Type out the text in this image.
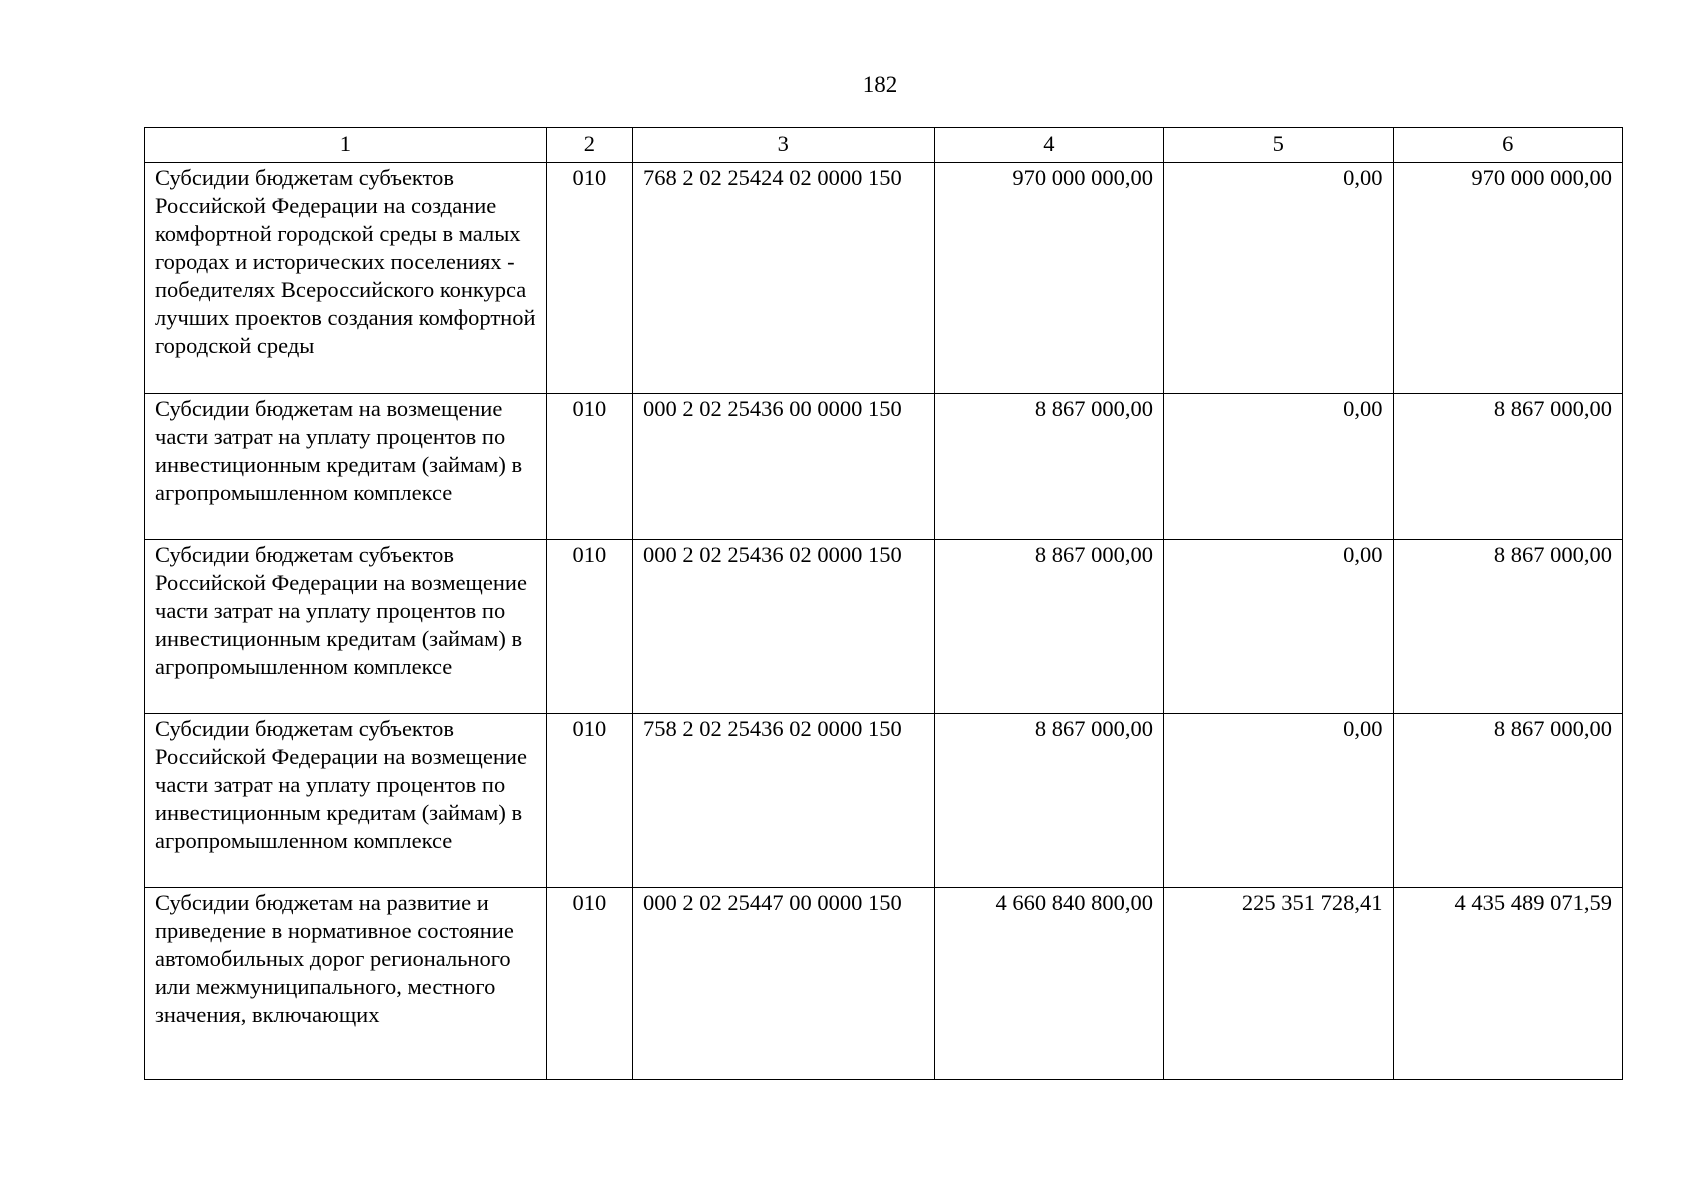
182
1	2	3	4	5	6
Субсидии бюджетам субъектов Российской Федерации на создание комфортной городской среды в малых городах и исторических поселениях - победителях Всероссийского конкурса лучших проектов создания комфортной городской среды	010	768 2 02 25424 02 0000 150	970 000 000,00	0,00	970 000 000,00
Субсидии бюджетам на возмещение части затрат на уплату процентов по инвестиционным кредитам (займам) в агропромышленном комплексе	010	000 2 02 25436 00 0000 150	8 867 000,00	0,00	8 867 000,00
Субсидии бюджетам субъектов Российской Федерации на возмещение части затрат на уплату процентов по инвестиционным кредитам (займам) в агропромышленном комплексе	010	000 2 02 25436 02 0000 150	8 867 000,00	0,00	8 867 000,00
Субсидии бюджетам субъектов Российской Федерации на возмещение части затрат на уплату процентов по инвестиционным кредитам (займам) в агропромышленном комплексе	010	758 2 02 25436 02 0000 150	8 867 000,00	0,00	8 867 000,00
Субсидии бюджетам на развитие и приведение в нормативное состояние автомобильных дорог регионального или межмуниципального, местного значения, включающих	010	000 2 02 25447 00 0000 150	4 660 840 800,00	225 351 728,41	4 435 489 071,59
